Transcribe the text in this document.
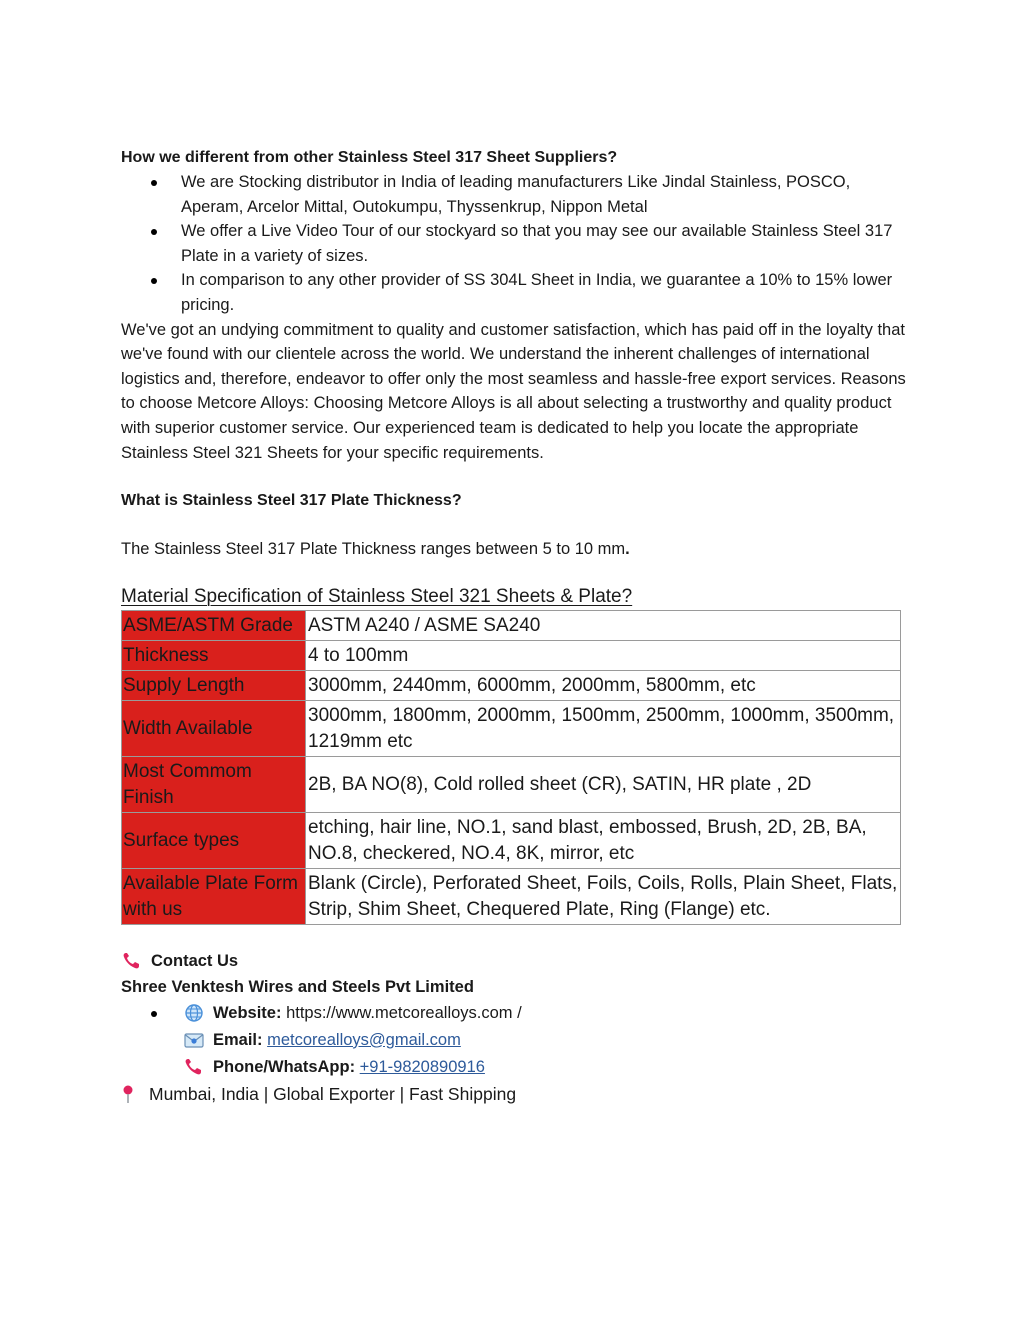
How we different from other Stainless Steel 317 Sheet Suppliers?

We are Stocking distributor in India of leading manufacturers Like Jindal Stainless, POSCO, Aperam, Arcelor Mittal, Outokumpu, Thyssenkrup, Nippon Metal
We offer a Live Video Tour of our stockyard so that you may see our available Stainless Steel 317 Plate in a variety of sizes.
In comparison to any other provider of SS 304L Sheet in India, we guarantee a 10% to 15% lower pricing.

We've got an undying commitment to quality and customer satisfaction, which has paid off in the loyalty that we've found with our clientele across the world. We understand the inherent challenges of international logistics and, therefore, endeavor to offer only the most seamless and hassle-free export services. Reasons to choose Metcore Alloys: Choosing Metcore Alloys is all about selecting a trustworthy and quality product with superior customer service. Our experienced team is dedicated to help you locate the appropriate Stainless Steel 321 Sheets for your specific requirements.

What is Stainless Steel 317 Plate Thickness?

The Stainless Steel 317 Plate Thickness ranges between 5 to 10 mm.

Material Specification of Stainless Steel 321 Sheets & Plate?

ASME/ASTM Grade	ASTM A240 / ASME SA240
Thickness	4 to 100mm
Supply Length	3000mm, 2440mm, 6000mm, 2000mm, 5800mm, etc
Width Available	3000mm, 1800mm, 2000mm, 1500mm, 2500mm, 1000mm, 3500mm, 1219mm etc
Most Commom Finish	2B, BA NO(8), Cold rolled sheet (CR), SATIN, HR plate , 2D
Surface types	etching, hair line, NO.1, sand blast, embossed, Brush, 2D, 2B, BA, NO.8, checkered, NO.4, 8K, mirror, etc
Available Plate Form with us	Blank (Circle), Perforated Sheet, Foils, Coils, Rolls, Plain Sheet, Flats, Strip, Shim Sheet, Chequered Plate, Ring (Flange) etc.

Contact Us

Shree Venktesh Wires and Steels Pvt Limited

Website:
https://www.metcorealloys.com /
Email:
metcorealloys@gmail.com
Phone/WhatsApp:
+91-9820890916

Mumbai, India | Global Exporter | Fast Shipping
